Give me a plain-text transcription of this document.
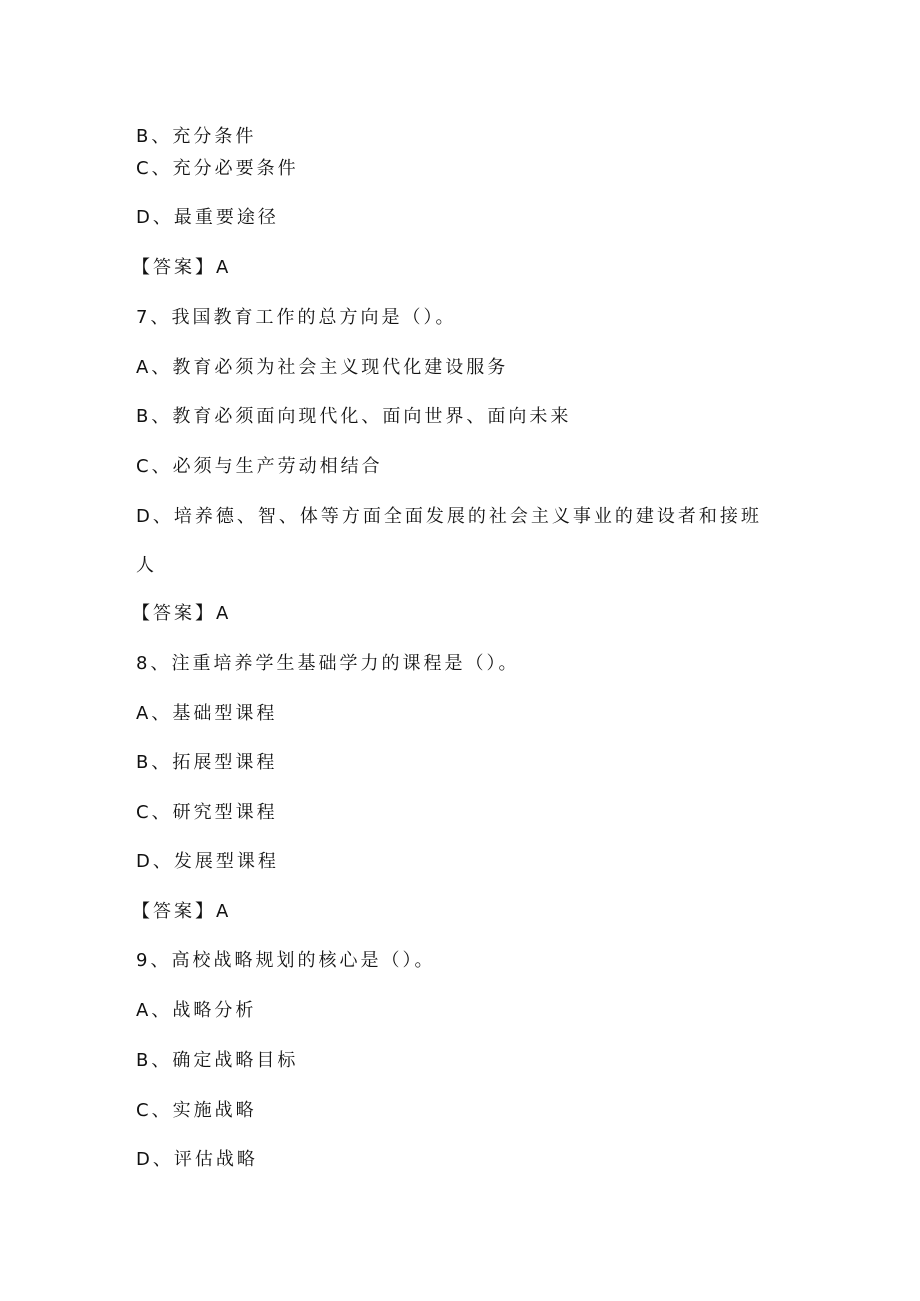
B、充分条件
C、充分必要条件
D、最重要途径
【答案】A
7、我国教育工作的总方向是（）。
A、教育必须为社会主义现代化建设服务
B、教育必须面向现代化、面向世界、面向未来
C、必须与生产劳动相结合
D、培养德、智、体等方面全面发展的社会主义事业的建设者和接班
人
【答案】A
8、注重培养学生基础学力的课程是（）。
A、基础型课程
B、拓展型课程
C、研究型课程
D、发展型课程
【答案】A
9、高校战略规划的核心是（）。
A、战略分析
B、确定战略目标
C、实施战略
D、评估战略
